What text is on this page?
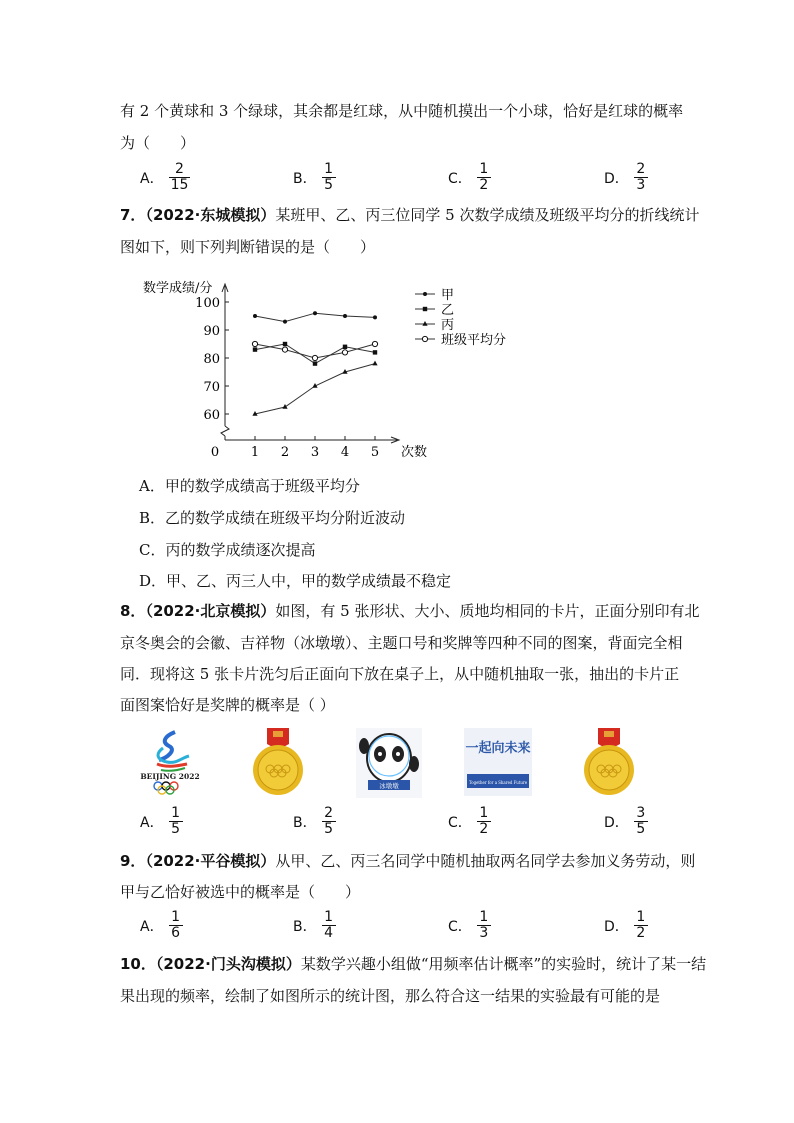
有 2 个黄球和 3 个绿球，其余都是红球，从中随机摸出一个小球，恰好是红球的概率
为（　　）
A． $\frac{2}{15}$	B． $\frac{1}{5}$	C． $\frac{1}{2}$	D． $\frac{2}{3}$
7．（2022·东城模拟）某班甲、乙、丙三位同学 5 次数学成绩及班级平均分的折线统计
图如下，则下列判断错误的是（　　）
数学成绩/分
次数
0
60
70
80
90
100
1 2 3 4 5
甲
乙
丙
班级平均分
A．甲的数学成绩高于班级平均分
B．乙的数学成绩在班级平均分附近波动
C．丙的数学成绩逐次提高
D．甲、乙、丙三人中，甲的数学成绩最不稳定
8．（2022·北京模拟）如图，有 5 张形状、大小、质地均相同的卡片，正面分别印有北
京冬奥会的会徽、吉祥物（冰墩墩）、主题口号和奖牌等四种不同的图案，背面完全相
同．现将这 5 张卡片洗匀后正面向下放在桌子上，从中随机抽取一张，抽出的卡片正
面图案恰好是奖牌的概率是（ ）
BEIJING 2022
冰墩墩
一起向未来
Together for a Shared Future
A． $\frac{1}{5}$	B． $\frac{2}{5}$	C． $\frac{1}{2}$	D． $\frac{3}{5}$
9．（2022·平谷模拟）从甲、乙、丙三名同学中随机抽取两名同学去参加义务劳动，则
甲与乙恰好被选中的概率是（　　）
A． $\frac{1}{6}$	B． $\frac{1}{4}$	C． $\frac{1}{3}$	D． $\frac{1}{2}$
10．（2022·门头沟模拟）某数学兴趣小组做“用频率估计概率”的实验时，统计了某一结
果出现的频率，绘制了如图所示的统计图，那么符合这一结果的实验最有可能的是
